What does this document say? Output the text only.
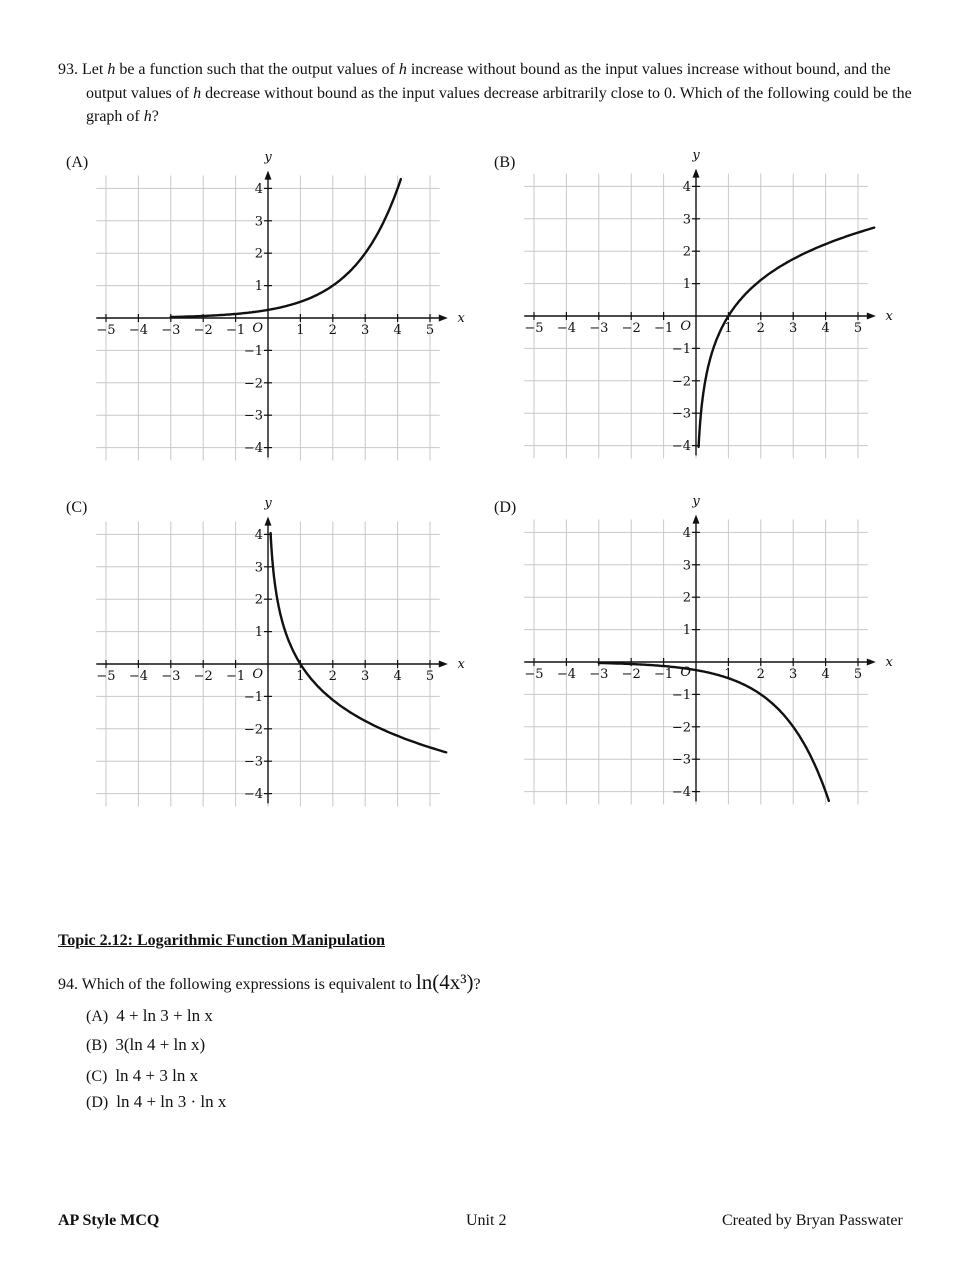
93. Let h be a function such that the output values of h increase without bound as the input values increase without bound, and the output values of h decrease without bound as the input values decrease arbitrarily close to 0. Which of the following could be the graph of h?
(A)	(B)
(C)	(D)
−5 −4 −3 −2 −1	1 2 3 4 5
4
3
2
1
−1
−2
−3
−4
O
x
y
−5 −4 −3 −2 −1	1 2 3 4 5
4
3
2
1
−1
−2
−3
−4
O
x
y
−5 −4 −3 −2 −1	1 2 3 4 5
4
3
2
1
−1
−2
−3
−4
O
x
y
−5 −4 −3 −2 −1	1 2 3 4 5
4
3
2
1
−1
−2
−3
−4
O
x
y
Topic 2.12: Logarithmic Function Manipulation
94. Which of the following expressions is equivalent to ln(4x³)?
(A) 4 + ln 3 + ln x
(B) 3(ln 4 + ln x)
(C) ln 4 + 3 ln x
(D) ln 4 + ln 3 · ln x
AP Style MCQ	Unit 2	Created by Bryan Passwater
